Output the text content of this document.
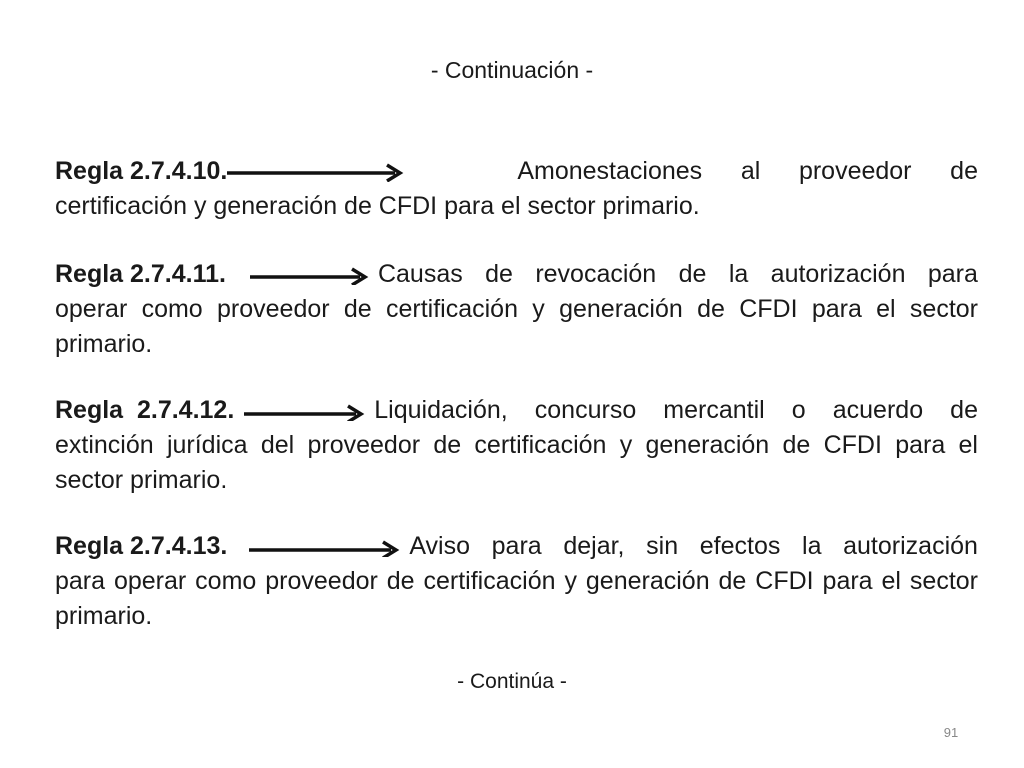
- Continuación -
Regla 2.7.4.10.	Amonestaciones al proveedor de
certificación y generación de CFDI para el sector primario.
Regla 2.7.4.11.	Causas de revocación de la autorización para
operar como proveedor de certificación y generación de CFDI para el sector primario.
Regla  2.7.4.12.	Liquidación, concurso mercantil o acuerdo de
extinción jurídica del proveedor de certificación y generación de CFDI para el sector primario.
Regla 2.7.4.13.	Aviso para dejar, sin efectos la autorización
para operar como proveedor de certificación y generación de CFDI para el sector primario.
- Continúa -
91
